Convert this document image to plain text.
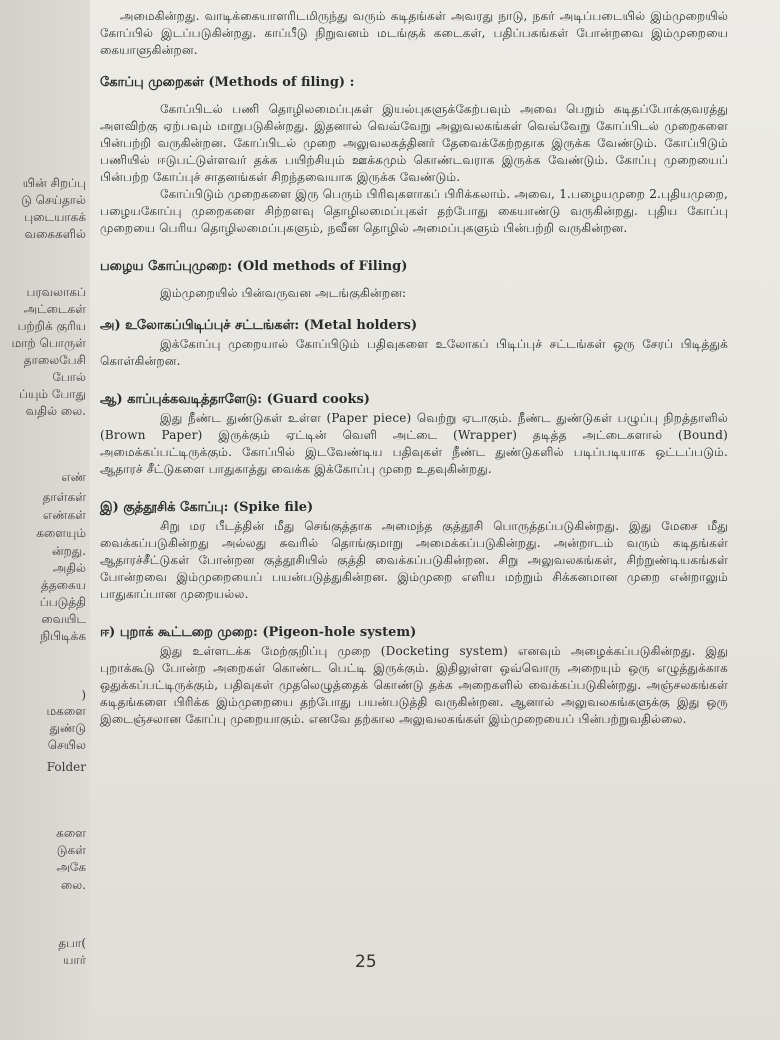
யின் சிறப்பு
டு செய்தால்
புடையாகக்
வகைகளில்
பரவலாகப்
அட்டைகள்
பற்றிக் குரிய
மாற் பொருள்
தாலைபேசி
போல்
ப்யும் போது
வதில் லை.
எண்
தாள்கள்
எண்கள்
களையும்
ன்றது.
அதில்
த்தகைய
ப்படுத்தி
வையிட
நிபிடிக்க
)
மகளை
துண்டு
செயில
Folder
களை
டுகள்
அகே
லை.
தபா(
யார்

அமைகின்றது. வாடிக்கையாளரிடமிருந்து வரும் கடிதங்கள் அவரது நாடு, நகர் அடிப்படையில் இம்முறையில் கோப்பில் இடப்படுகின்றது. காப்பீடு நிறுவனம் மடங்குக் கடைகள், பதிப்பகங்கள் போன்றவை இம்முறையை கையாளுகின்றன.

கோப்பு முறைகள் (Methods of filing) :

கோப்பிடல் பணி தொழிலமைப்புகள் இயல்புகளுக்கேற்பவும் அவை பெறும் கடிதப்போக்குவரத்து அளவிற்கு ஏற்பவும் மாறுபடுகின்றது. இதனால் வெவ்வேறு அலுவலகங்கள் வெவ்வேறு கோப்பிடல் முறைகளை பின்பற்றி வருகின்றன. கோப்பிடல் முறை அலுவலகத்தினர் தேவைக்கேற்றதாக இருக்க வேண்டும். கோப்பிடும் பணியில் ஈடுபட்டுள்ளவர் தக்க பயிற்சியும் ஊக்கமும் கொண்டவராக இருக்க வேண்டும். கோப்பு முறையைப் பின்பற்ற கோப்புச் சாதனங்கள் சிறந்தவையாக இருக்க வேண்டும்.

கோப்பிடும் முறைகளை இரு பெரும் பிரிவுகளாகப் பிரிக்கலாம். அவை, 1.பழையமுறை 2.புதியமுறை, பழையகோப்பு முறைகளை சிற்றளவு தொழிலமைப்புகள் தற்போது கையாண்டு வருகின்றது. புதிய கோப்பு முறையை பெரிய தொழிலமைப்புகளும், நவீன தொழில் அமைப்புகளும் பின்பற்றி வருகின்றன.

பழைய கோப்புமுறை: (Old methods of Filing)

இம்முறையில் பின்வருவன அடங்குகின்றன:

அ) உலோகப்பிடிப்புச் சட்டங்கள்: (Metal holders)

இக்கோப்பு முறையால் கோப்பிடும் பதிவுகளை உலோகப் பிடிப்புச் சட்டங்கள் ஒரு சேரப் பிடித்துக் கொள்கின்றன.

ஆ) காப்புக்கவடித்தாளேடு: (Guard cooks)

இது நீண்ட துண்டுகள் உள்ள (Paper piece) வெற்று ஏடாகும். நீண்ட துண்டுகள் பழுப்பு நிறத்தாளில் (Brown Paper) இருக்கும் ஏட்டின் வெளி அட்டை (Wrapper) தடித்த அட்டைகளால் (Bound) அமைக்கப்பட்டிருக்கும். கோப்பில் இடவேண்டிய பதிவுகள் நீண்ட துண்டுகளில் படிப்படியாக ஒட்டப்படும். ஆதாரச் சீட்டுகளை பாதுகாத்து வைக்க இக்கோப்பு முறை உதவுகின்றது.

இ) குத்தூசிக் கோப்பு: (Spike file)

சிறு மர பீடத்தின் மீது செங்குத்தாக அமைந்த குத்தூசி பொருத்தப்படுகின்றது. இது மேசை மீது வைக்கப்படுகின்றது அல்லது சுவரில் தொங்குமாறு அமைக்கப்படுகின்றது. அன்றாடம் வரும் கடிதங்கள் ஆதாரச்சீட்டுகள் போன்றன குத்தூசியில் குத்தி வைக்கப்படுகின்றன. சிறு அலுவலகங்கள், சிற்றுண்டியகங்கள் போன்றவை இம்முறையைப் பயன்படுத்துகின்றன. இம்முறை எளிய மற்றும் சிக்கனமான முறை என்றாலும் பாதுகாப்பான முறையல்ல.

ஈ) புறாக் கூட்டறை முறை: (Pigeon-hole system)

இது உள்ளடக்க மேற்குறிப்பு முறை (Docketing system) எனவும் அழைக்கப்படுகின்றது. இது புறாக்கூடு போன்ற அறைகள் கொண்ட பெட்டி இருக்கும். இதிலுள்ள ஒவ்வொரு அறையும் ஒரு எழுத்துக்காக ஒதுக்கப்பட்டிருக்கும், பதிவுகள் முதலெழுத்தைக் கொண்டு தக்க அறைகளில் வைக்கப்படுகின்றது. அஞ்சலகங்கள் கடிதங்களை பிரிக்க இம்முறையை தற்போது பயன்படுத்தி வருகின்றன. ஆனால் அலுவலகங்களுக்கு இது ஒரு இடைஞ்சலான கோப்பு முறையாகும். எனவே தற்கால அலுவலகங்கள் இம்முறையைப் பின்பற்றுவதில்லை.

25
